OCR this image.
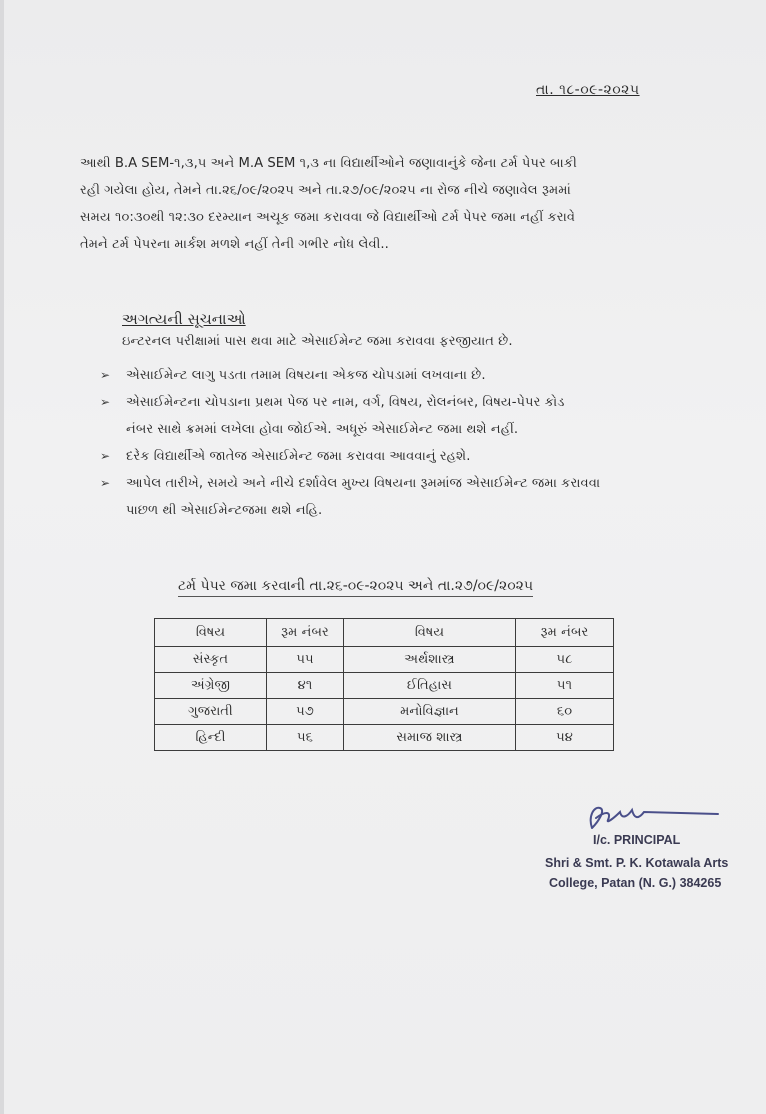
તા. ૧૮-૦૯-૨૦૨૫

આથી B.A SEM-૧,૩,૫ અને M.A SEM ૧,૩ ના વિદ્યાર્થીઓને જણાવાનુંકે જેના ટર્મ પેપર બાકી

રહી ગયેલા હોય, તેમને તા.૨૬/૦૯/૨૦૨૫ અને તા.૨૭/૦૯/૨૦૨૫ ના રોજ નીચે જણાવેલ રૂમમાં

સમય ૧૦:૩૦થી ૧૨:૩૦ દરમ્યાન અચૂક જમા કરાવવા જે વિદ્યાર્થીઓ ટર્મ પેપર જમા નહીં કરાવે

તેમને ટર્મ પેપરના માર્કશ મળશે નહીં તેની ગભીર નોધ લેવી..

અગત્યની સૂચનાઓ
ઇન્ટરનલ પરીક્ષામાં પાસ થવા માટે એસાઈમેન્ટ જમા કરાવવા ફરજીયાત છે.
➢ એસાઈમેન્ટ લાગુ પડતા તમામ વિષયના એકજ ચોપડામાં લખવાના છે.

➢ એસાઈમેન્ટના ચોપડાના પ્રથમ પેજ પર નામ, વર્ગ, વિષય, રોલનંબર, વિષય-પેપર કોડ

નંબર સાથે ક્રમમાં લખેલા હોવા જોઈએ. અધૂરું એસાઈમેન્ટ જમા થશે નહીં.

➢ દરેક વિદ્યાર્થીએ જાતેજ એસાઈમેન્ટ જમા કરાવવા આવવાનું રહશે.

➢ આપેલ તારીખે, સમયે અને નીચે દર્શાવેલ મુખ્ય વિષયના રૂમમાંજ એસાઈમેન્ટ જમા કરાવવા

પાછળ થી એસાઈમેન્ટજમા થશે નહિ.

ટર્મ પેપર જમા કરવાની તા.૨૬-૦૯-૨૦૨૫ અને તા.૨૭/૦૯/૨૦૨૫
વિષય	રૂમ નંબર	વિષય	રૂમ નંબર
સંસ્કૃત	૫૫	અર્થશાસ્ત્ર	૫૮
અંગ્રેજી	૪૧	ઈતિહાસ	૫૧
ગુજરાતી	૫૭	મનોવિજ્ઞાન	૬૦
હિન્દી	૫૬	સમાજ શાસ્ત્ર	૫૪
I/c. PRINCIPAL
Shri & Smt. P. K. Kotawala Arts
College, Patan (N. G.) 384265
